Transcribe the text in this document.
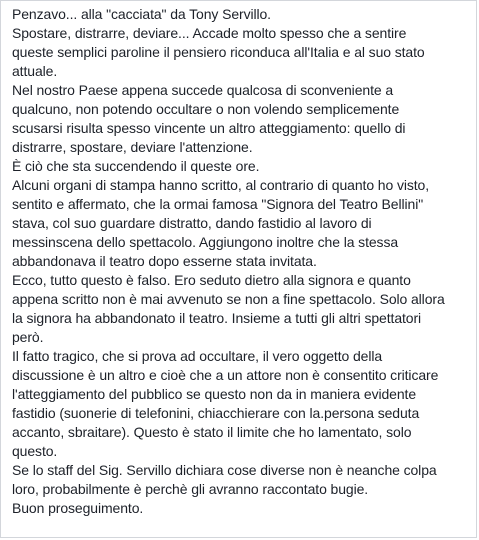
Penzavo... alla "cacciata" da Tony Servillo.
Spostare, distrarre, deviare... Accade molto spesso che a sentire
queste semplici paroline il pensiero riconduca all'Italia e al suo stato
attuale.
Nel nostro Paese appena succede qualcosa di sconveniente a
qualcuno, non potendo occultare o non volendo semplicemente
scusarsi risulta spesso vincente un altro atteggiamento: quello di
distrarre, spostare, deviare l'attenzione.
È ciò che sta succendendo il queste ore.
Alcuni organi di stampa hanno scritto, al contrario di quanto ho visto,
sentito e affermato, che la ormai famosa "Signora del Teatro Bellini"
stava, col suo guardare distratto, dando fastidio al lavoro di
messinscena dello spettacolo. Aggiungono inoltre che la stessa
abbandonava il teatro dopo esserne stata invitata.
Ecco, tutto questo è falso. Ero seduto dietro alla signora e quanto
appena scritto non è mai avvenuto se non a fine spettacolo. Solo allora
la signora ha abbandonato il teatro. Insieme a tutti gli altri spettatori
però.
Il fatto tragico, che si prova ad occultare, il vero oggetto della
discussione è un altro e cioè che a un attore non è consentito criticare
l'atteggiamento del pubblico se questo non da in maniera evidente
fastidio (suonerie di telefonini, chiacchierare con la.persona seduta
accanto, sbraitare). Questo è stato il limite che ho lamentato, solo
questo.
Se lo staff del Sig. Servillo dichiara cose diverse non è neanche colpa
loro, probabilmente è perchè gli avranno raccontato bugie.
Buon proseguimento.
